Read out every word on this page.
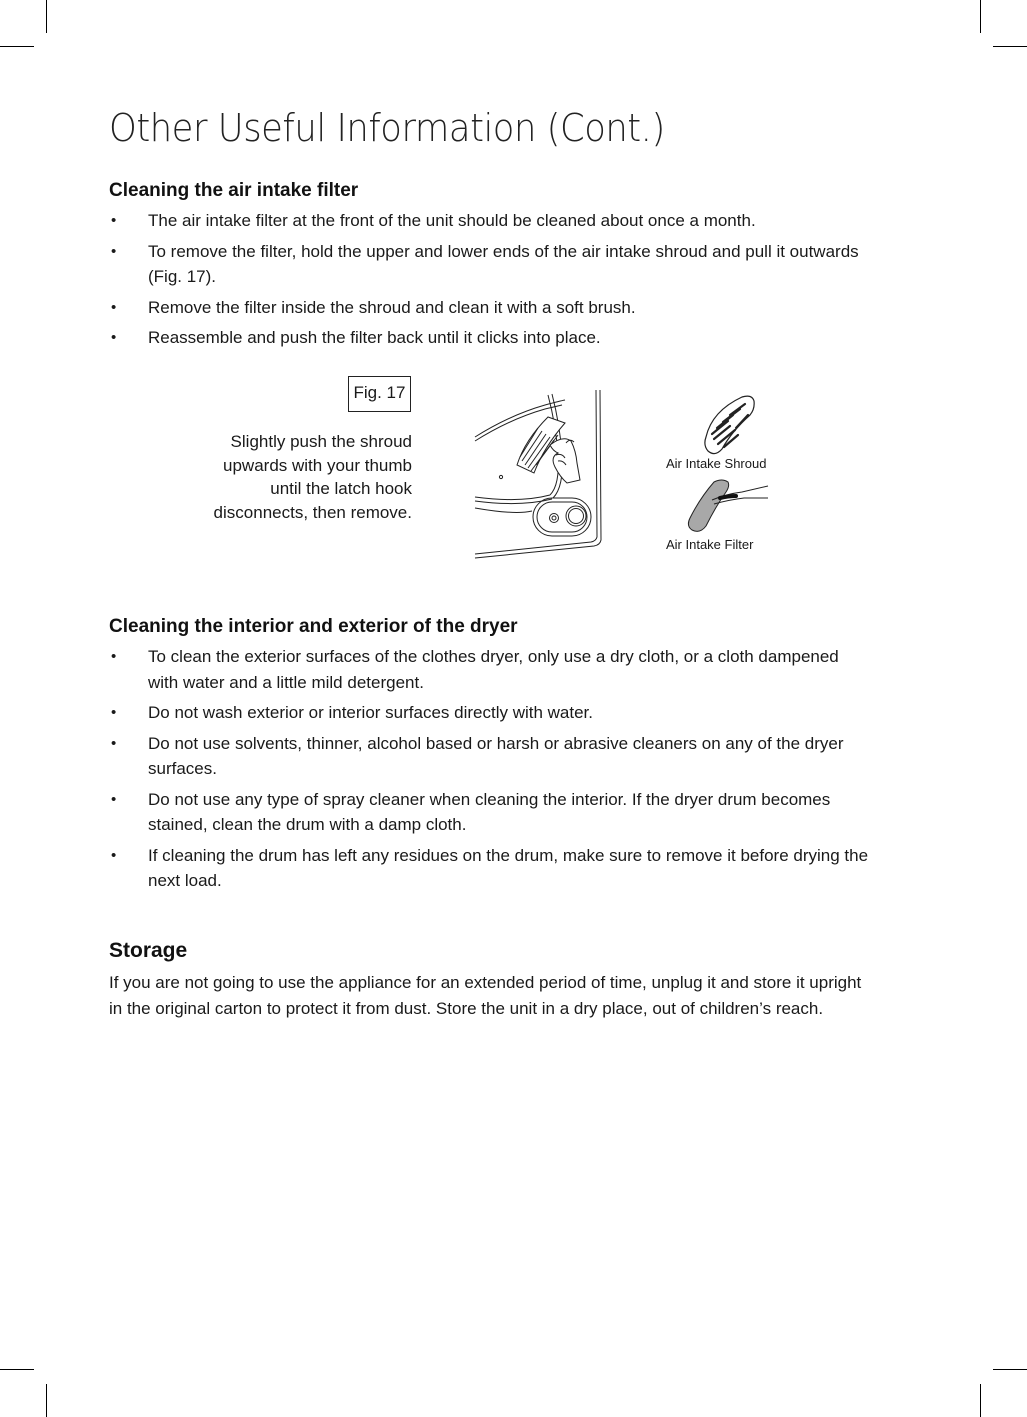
Other Useful Information (Cont.)
Cleaning the air intake filter
• The air intake filter at the front of the unit should be cleaned about once a month.
• To remove the filter, hold the upper and lower ends of the air intake shroud and pull it outwards (Fig. 17).
• Remove the filter inside the shroud and clean it with a soft brush.
• Reassemble and push the filter back until it clicks into place.
Fig. 17

Slightly push the shroud upwards with your thumb until the latch hook disconnects, then remove.

Air Intake Shroud

Air Intake Filter

Cleaning the interior and exterior of the dryer
• To clean the exterior surfaces of the clothes dryer, only use a dry cloth, or a cloth dampened with water and a little mild detergent.
• Do not wash exterior or interior surfaces directly with water.
• Do not use solvents, thinner, alcohol based or harsh or abrasive cleaners on any of the dryer surfaces.
• Do not use any type of spray cleaner when cleaning the interior. If the dryer drum becomes stained, clean the drum with a damp cloth.
• If cleaning the drum has left any residues on the drum, make sure to remove it before drying the next load.
Storage

If you are not going to use the appliance for an extended period of time, unplug it and store it upright in the original carton to protect it from dust. Store the unit in a dry place, out of children’s reach.
